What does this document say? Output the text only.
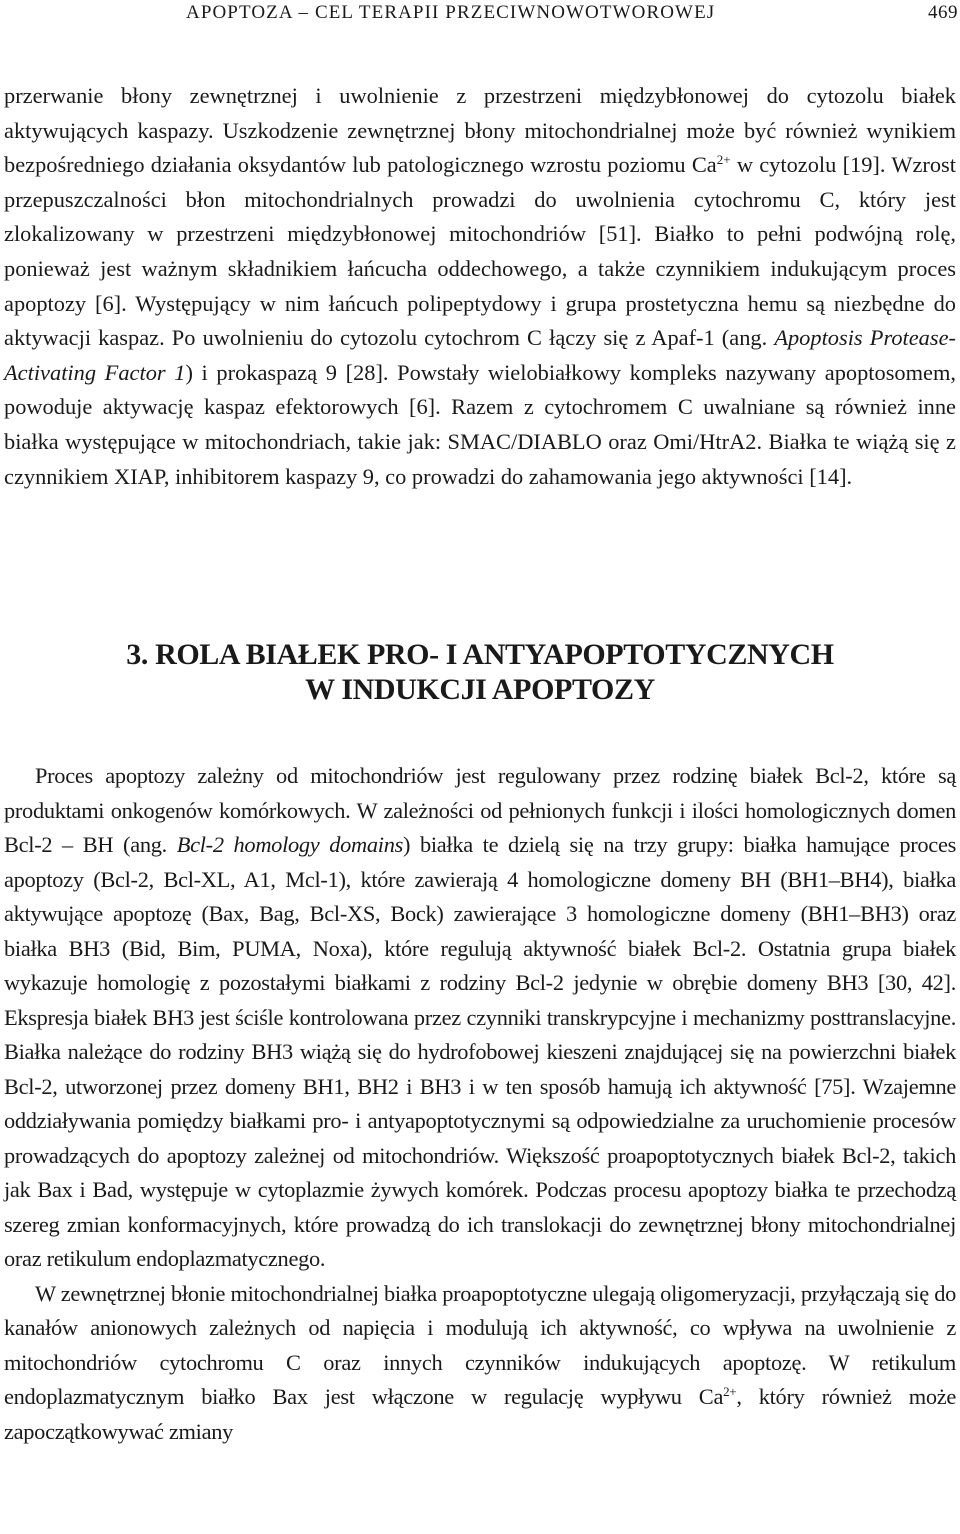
APOPTOZA – CEL TERAPII PRZECIWNOWOTWOROWEJ	469

przerwanie błony zewnętrznej i uwolnienie z przestrzeni międzybłonowej do cytozolu białek aktywujących kaspazy. Uszkodzenie zewnętrznej błony mitochondrialnej może być również wynikiem bezpośredniego działania oksydantów lub patologicznego wzrostu poziomu $Ca^{2+}$ w cytozolu [19]. Wzrost przepuszczalności błon mitochondrialnych prowadzi do uwolnienia cytochromu C, który jest zlokalizowany w przestrzeni międzybłonowej mitochondriów [51]. Białko to pełni podwójną rolę, ponieważ jest ważnym składnikiem łańcucha oddechowego, a także czynnikiem indukującym proces apoptozy [6]. Występujący w nim łańcuch polipeptydowy i grupa prostetyczna hemu są niezbędne do aktywacji kaspaz. Po uwolnieniu do cytozolu cytochrom C łączy się z Apaf-1 (ang. Apoptosis Protease-Activating Factor 1) i prokaspazą 9 [28]. Powstały wielobiałkowy kompleks nazywany apoptosomem, powoduje aktywację kaspaz efektorowych [6]. Razem z cytochromem C uwalniane są również inne białka występujące w mitochondriach, takie jak: SMAC/DIABLO oraz Omi/HtrA2. Białka te wiążą się z czynnikiem XIAP, inhibitorem kaspazy 9, co prowadzi do zahamowania jego aktywności [14].

3. ROLA BIAŁEK PRO- I ANTYAPOPTOTYCZNYCH
W INDUKCJI APOPTOZY

Proces apoptozy zależny od mitochondriów jest regulowany przez rodzinę białek Bcl-2, które są produktami onkogenów komórkowych. W zależności od pełnionych funkcji i ilości homologicznych domen Bcl-2 – BH (ang. Bcl-2 homology domains) białka te dzielą się na trzy grupy: białka hamujące proces apoptozy (Bcl-2, Bcl-XL, A1, Mcl-1), które zawierają 4 homologiczne domeny BH (BH1–BH4), białka aktywujące apoptozę (Bax, Bag, Bcl-XS, Bock) zawierające 3 homologiczne domeny (BH1–BH3) oraz białka BH3 (Bid, Bim, PUMA, Noxa), które regulują aktywność białek Bcl-2. Ostatnia grupa białek wykazuje homologię z pozostałymi białkami z rodziny Bcl-2 jedynie w obrębie domeny BH3 [30, 42]. Ekspresja białek BH3 jest ściśle kontrolowana przez czynniki transkrypcyjne i mechanizmy posttranslacyjne. Białka należące do rodziny BH3 wiążą się do hydrofobowej kieszeni znajdującej się na powierzchni białek Bcl-2, utworzonej przez domeny BH1, BH2 i BH3 i w ten sposób hamują ich aktywność [75]. Wzajemne oddziaływania pomiędzy białkami pro- i antyapoptotycznymi są odpowiedzialne za uruchomienie procesów prowadzących do apoptozy zależnej od mitochondriów. Większość proapoptotycznych białek Bcl-2, takich jak Bax i Bad, występuje w cytoplazmie żywych komórek. Podczas procesu apoptozy białka te przechodzą szereg zmian konformacyjnych, które prowadzą do ich translokacji do zewnętrznej błony mitochondrialnej oraz retikulum endoplazmatycznego.

W zewnętrznej błonie mitochondrialnej białka proapoptotyczne ulegają oligomeryzacji, przyłączają się do kanałów anionowych zależnych od napięcia i modulują ich aktywność, co wpływa na uwolnienie z mitochondriów cytochromu C oraz innych czynników indukujących apoptozę. W retikulum endoplazmatycznym białko Bax jest włączone w regulację wypływu $Ca^{2+}$, który również może zapoczątkowywać zmiany
